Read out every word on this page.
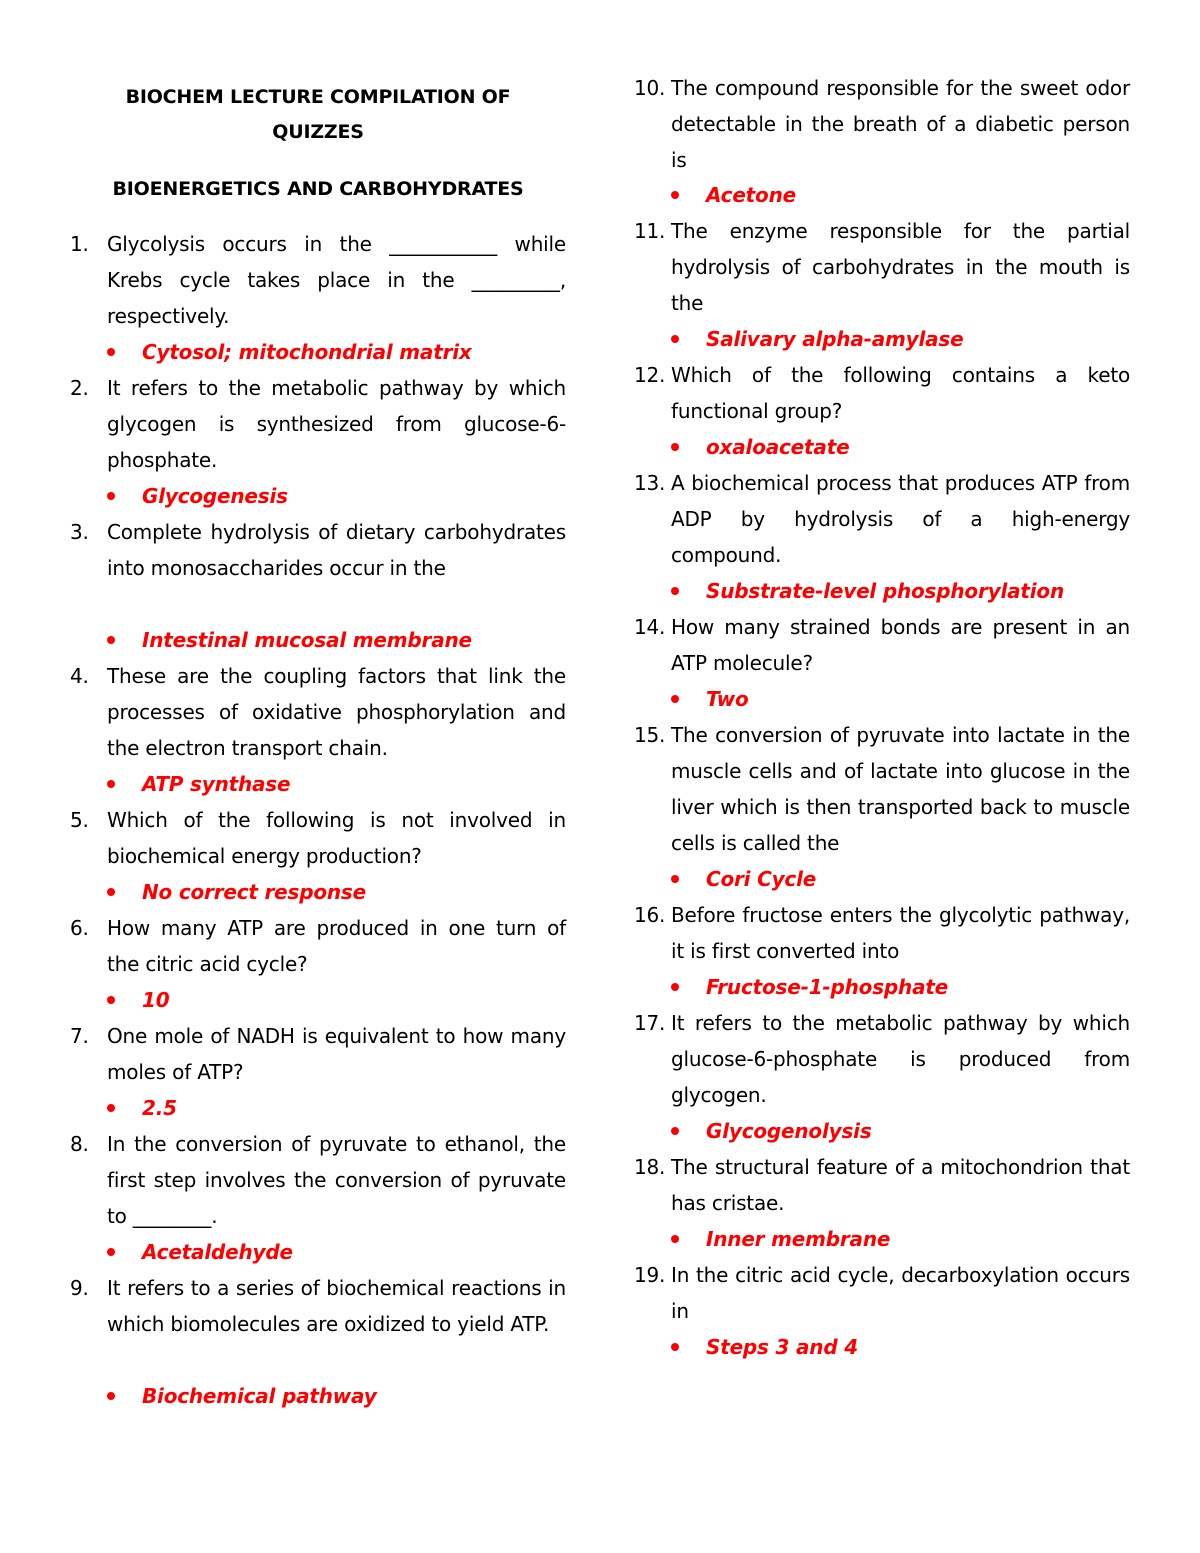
BIOCHEM LECTURE COMPILATION OF
QUIZZES
BIOENERGETICS AND CARBOHYDRATES
1. Glycolysis occurs in the ___________ while Krebs cycle takes place in the _________, respectively.
Cytosol; mitochondrial matrix
2. It refers to the metabolic pathway by which glycogen is synthesized from glucose-6-phosphate.
Glycogenesis
3. Complete hydrolysis of dietary carbohydrates into monosaccharides occur in the
Intestinal mucosal membrane
4. These are the coupling factors that link the processes of oxidative phosphorylation and the electron transport chain.
ATP synthase
5. Which of the following is not involved in biochemical energy production?
No correct response
6. How many ATP are produced in one turn of the citric acid cycle?
10
7. One mole of NADH is equivalent to how many moles of ATP?
2.5
8. In the conversion of pyruvate to ethanol, the first step involves the conversion of pyruvate to ________.
Acetaldehyde
9. It refers to a series of biochemical reactions in which biomolecules are oxidized to yield ATP.
Biochemical pathway
10. The compound responsible for the sweet odor detectable in the breath of a diabetic person is
Acetone
11. The enzyme responsible for the partial hydrolysis of carbohydrates in the mouth is the
Salivary alpha-amylase
12. Which of the following contains a keto functional group?
oxaloacetate
13. A biochemical process that produces ATP from ADP by hydrolysis of a high-energy compound.
Substrate-level phosphorylation
14. How many strained bonds are present in an ATP molecule?
Two
15. The conversion of pyruvate into lactate in the muscle cells and of lactate into glucose in the liver which is then transported back to muscle cells is called the
Cori Cycle
16. Before fructose enters the glycolytic pathway, it is first converted into
Fructose-1-phosphate
17. It refers to the metabolic pathway by which glucose-6-phosphate is produced from glycogen.
Glycogenolysis
18. The structural feature of a mitochondrion that has cristae.
Inner membrane
19. In the citric acid cycle, decarboxylation occurs in
Steps 3 and 4
